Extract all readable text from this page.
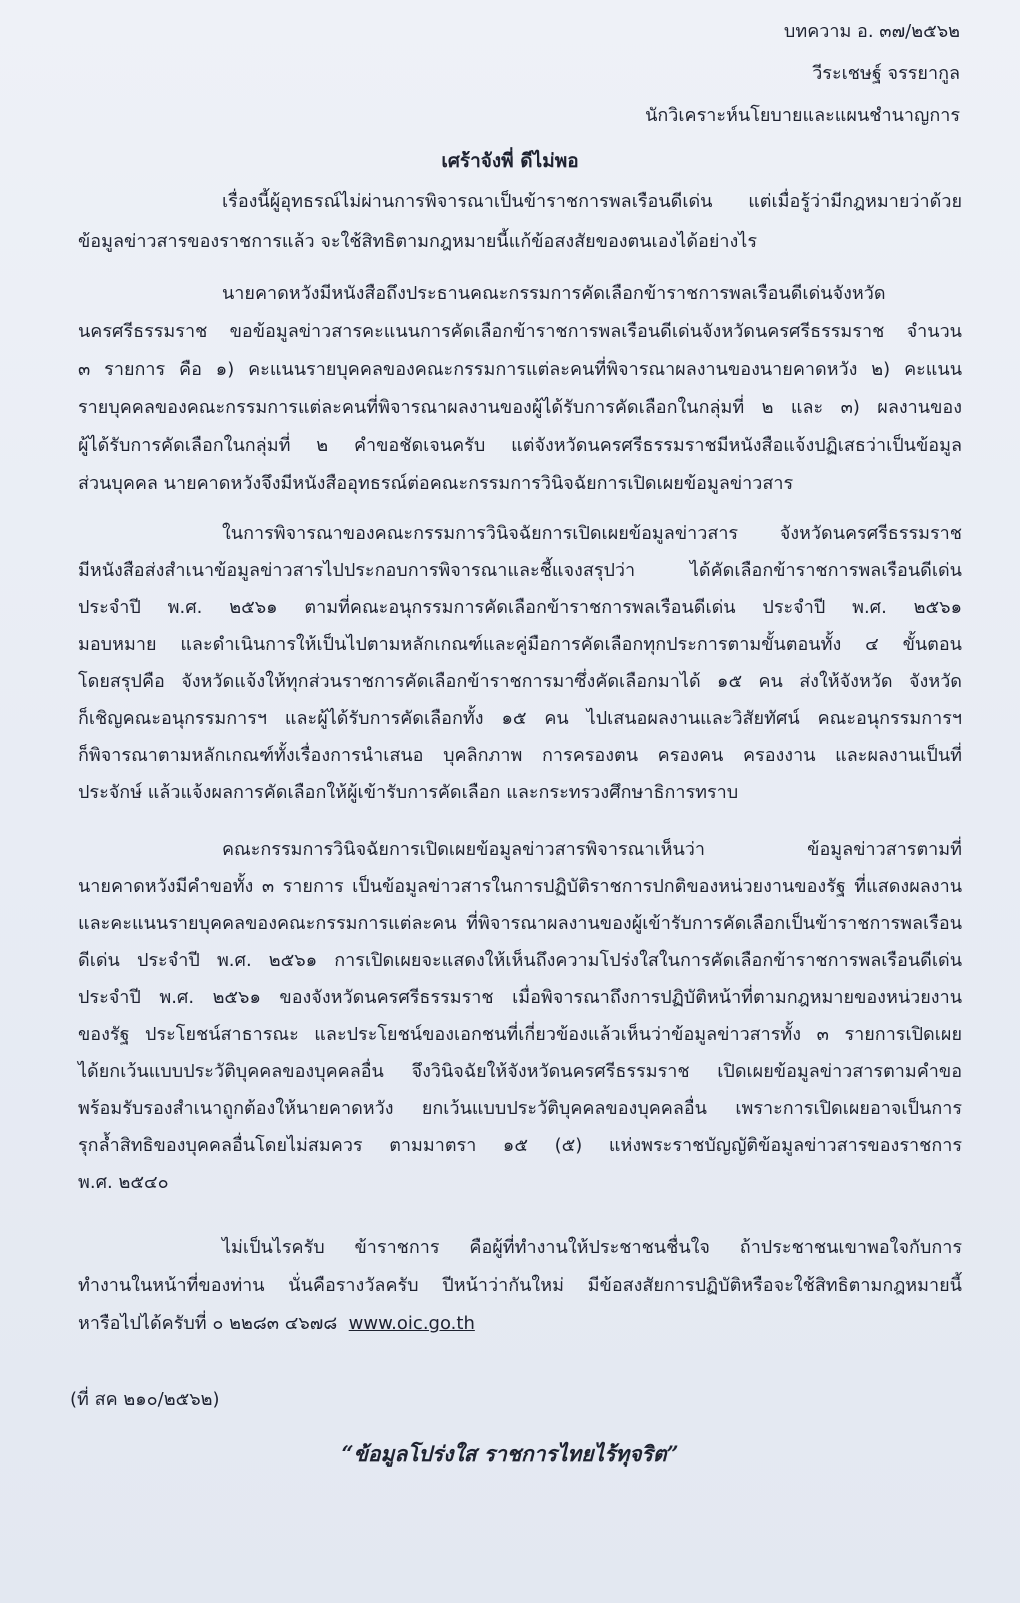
บทความ อ. ๓๗/๒๕๖๒
วีระเชษฐ์ จรรยากูล
นักวิเคราะห์นโยบายและแผนชำนาญการ
เศร้าจังพี่ ดีไม่พอ
เรื่องนี้ผู้อุทธรณ์ไม่ผ่านการพิจารณาเป็นข้าราชการพลเรือนดีเด่น แต่เมื่อรู้ว่ามีกฎหมายว่าด้วย
ข้อมูลข่าวสารของราชการแล้ว จะใช้สิทธิตามกฎหมายนี้แก้ข้อสงสัยของตนเองได้อย่างไร
นายคาดหวังมีหนังสือถึงประธานคณะกรรมการคัดเลือกข้าราชการพลเรือนดีเด่นจังหวัด
นครศรีธรรมราช ขอข้อมูลข่าวสารคะแนนการคัดเลือกข้าราชการพลเรือนดีเด่นจังหวัดนครศรีธรรมราช จำนวน
๓ รายการ คือ ๑) คะแนนรายบุคคลของคณะกรรมการแต่ละคนที่พิจารณาผลงานของนายคาดหวัง ๒) คะแนน
รายบุคคลของคณะกรรมการแต่ละคนที่พิจารณาผลงานของผู้ได้รับการคัดเลือกในกลุ่มที่ ๒ และ ๓) ผลงานของ
ผู้ได้รับการคัดเลือกในกลุ่มที่ ๒ คำขอชัดเจนครับ แต่จังหวัดนครศรีธรรมราชมีหนังสือแจ้งปฏิเสธว่าเป็นข้อมูล
ส่วนบุคคล นายคาดหวังจึงมีหนังสืออุทธรณ์ต่อคณะกรรมการวินิจฉัยการเปิดเผยข้อมูลข่าวสาร
ในการพิจารณาของคณะกรรมการวินิจฉัยการเปิดเผยข้อมูลข่าวสาร จังหวัดนครศรีธรรมราช
มีหนังสือส่งสำเนาข้อมูลข่าวสารไปประกอบการพิจารณาและชี้แจงสรุปว่า ได้คัดเลือกข้าราชการพลเรือนดีเด่น
ประจำปี พ.ศ. ๒๕๖๑ ตามที่คณะอนุกรรมการคัดเลือกข้าราชการพลเรือนดีเด่น ประจำปี พ.ศ. ๒๕๖๑
มอบหมาย และดำเนินการให้เป็นไปตามหลักเกณฑ์และคู่มือการคัดเลือกทุกประการตามขั้นตอนทั้ง ๔ ขั้นตอน
โดยสรุปคือ จังหวัดแจ้งให้ทุกส่วนราชการคัดเลือกข้าราชการมาซึ่งคัดเลือกมาได้ ๑๕ คน ส่งให้จังหวัด จังหวัด
ก็เชิญคณะอนุกรรมการฯ และผู้ได้รับการคัดเลือกทั้ง ๑๕ คน ไปเสนอผลงานและวิสัยทัศน์ คณะอนุกรรมการฯ
ก็พิจารณาตามหลักเกณฑ์ทั้งเรื่องการนำเสนอ บุคลิกภาพ การครองตน ครองคน ครองงาน และผลงานเป็นที่
ประจักษ์ แล้วแจ้งผลการคัดเลือกให้ผู้เข้ารับการคัดเลือก และกระทรวงศึกษาธิการทราบ
คณะกรรมการวินิจฉัยการเปิดเผยข้อมูลข่าวสารพิจารณาเห็นว่า ข้อมูลข่าวสารตามที่
นายคาดหวังมีคำขอทั้ง ๓ รายการ เป็นข้อมูลข่าวสารในการปฏิบัติราชการปกติของหน่วยงานของรัฐ ที่แสดงผลงาน
และคะแนนรายบุคคลของคณะกรรมการแต่ละคน ที่พิจารณาผลงานของผู้เข้ารับการคัดเลือกเป็นข้าราชการพลเรือน
ดีเด่น ประจำปี พ.ศ. ๒๕๖๑ การเปิดเผยจะแสดงให้เห็นถึงความโปร่งใสในการคัดเลือกข้าราชการพลเรือนดีเด่น
ประจำปี พ.ศ. ๒๕๖๑ ของจังหวัดนครศรีธรรมราช เมื่อพิจารณาถึงการปฏิบัติหน้าที่ตามกฎหมายของหน่วยงาน
ของรัฐ ประโยชน์สาธารณะ และประโยชน์ของเอกชนที่เกี่ยวข้องแล้วเห็นว่าข้อมูลข่าวสารทั้ง ๓ รายการเปิดเผย
ได้ยกเว้นแบบประวัติบุคคลของบุคคลอื่น จึงวินิจฉัยให้จังหวัดนครศรีธรรมราช เปิดเผยข้อมูลข่าวสารตามคำขอ
พร้อมรับรองสำเนาถูกต้องให้นายคาดหวัง ยกเว้นแบบประวัติบุคคลของบุคคลอื่น เพราะการเปิดเผยอาจเป็นการ
รุกล้ำสิทธิของบุคคลอื่นโดยไม่สมควร ตามมาตรา ๑๕ (๕) แห่งพระราชบัญญัติข้อมูลข่าวสารของราชการ
พ.ศ. ๒๕๔๐
ไม่เป็นไรครับ ข้าราชการ คือผู้ที่ทำงานให้ประชาชนชื่นใจ ถ้าประชาชนเขาพอใจกับการ
ทำงานในหน้าที่ของท่าน นั่นคือรางวัลครับ ปีหน้าว่ากันใหม่ มีข้อสงสัยการปฏิบัติหรือจะใช้สิทธิตามกฎหมายนี้
หารือไปได้ครับที่ ๐ ๒๒๘๓ ๔๖๗๘ www.oic.go.th
(ที่ สค ๒๑๐/๒๕๖๒)
“ข้อมูลโปร่งใส ราชการไทยไร้ทุจริต”
